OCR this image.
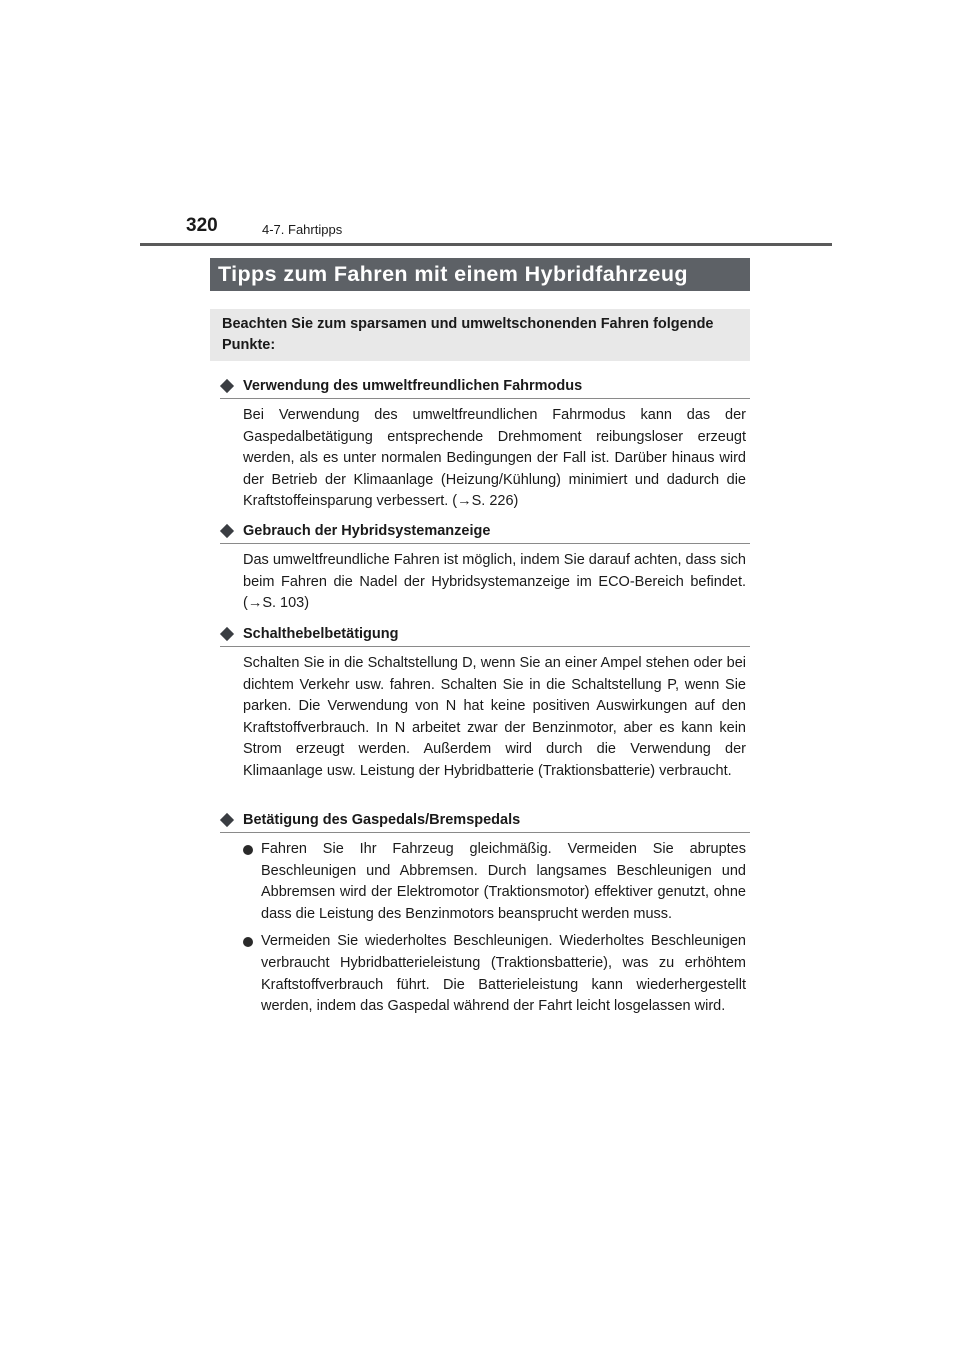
320	4-7. Fahrtipps
Tipps zum Fahren mit einem Hybridfahrzeug
Beachten Sie zum sparsamen und umweltschonenden Fahren folgende Punkte:
Verwendung des umweltfreundlichen Fahrmodus
Bei Verwendung des umweltfreundlichen Fahrmodus kann das der Gaspedalbetätigung entsprechende Drehmoment reibungsloser erzeugt werden, als es unter normalen Bedingungen der Fall ist. Darüber hinaus wird der Betrieb der Klimaanlage (Heizung/Kühlung) minimiert und dadurch die Kraftstoffeinsparung verbessert. (→S. 226)
Gebrauch der Hybridsystemanzeige
Das umweltfreundliche Fahren ist möglich, indem Sie darauf achten, dass sich beim Fahren die Nadel der Hybridsystemanzeige im ECO-Bereich befindet. (→S. 103)
Schalthebelbetätigung
Schalten Sie in die Schaltstellung D, wenn Sie an einer Ampel stehen oder bei dichtem Verkehr usw. fahren. Schalten Sie in die Schaltstellung P, wenn Sie parken. Die Verwendung von N hat keine positiven Auswirkungen auf den Kraftstoffverbrauch. In N arbeitet zwar der Benzinmotor, aber es kann kein Strom erzeugt werden. Außerdem wird durch die Verwendung der Klimaanlage usw. Leistung der Hybridbatterie (Traktionsbatterie) verbraucht.
Betätigung des Gaspedals/Bremspedals
Fahren Sie Ihr Fahrzeug gleichmäßig. Vermeiden Sie abruptes Beschleunigen und Abbremsen. Durch langsames Beschleunigen und Abbremsen wird der Elektromotor (Traktionsmotor) effektiver genutzt, ohne dass die Leistung des Benzinmotors beansprucht werden muss.
Vermeiden Sie wiederholtes Beschleunigen. Wiederholtes Beschleunigen verbraucht Hybridbatterieleistung (Traktionsbatterie), was zu erhöhtem Kraftstoffverbrauch führt. Die Batterieleistung kann wiederhergestellt werden, indem das Gaspedal während der Fahrt leicht losgelassen wird.
